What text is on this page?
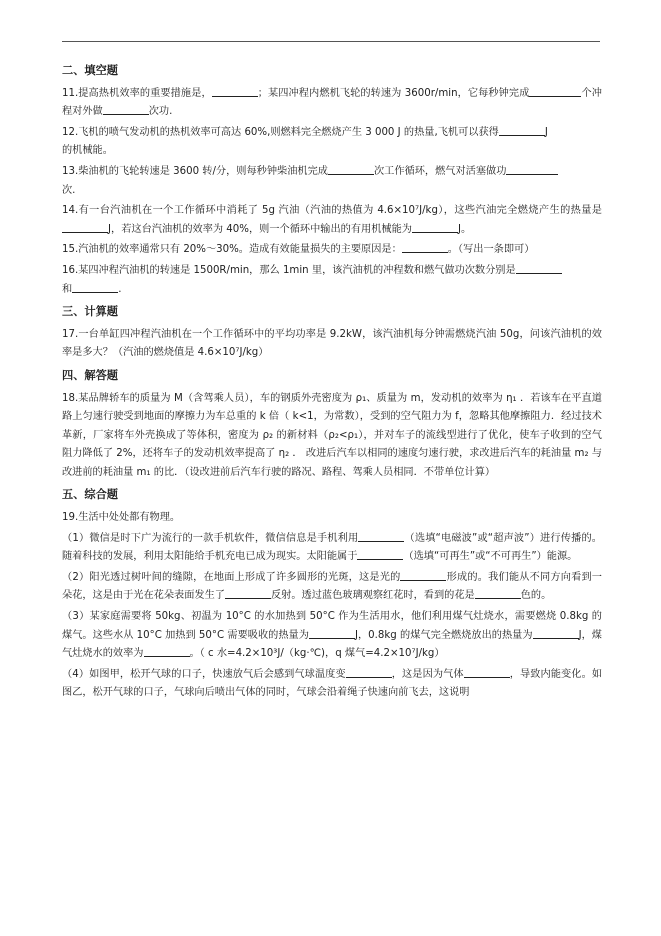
二、填空题

11.提高热机效率的重要措施是，	；某四冲程内燃机飞轮的转速为 3600r/min，它每秒钟完成	个冲程对外做	次功.

12.飞机的喷气发动机的热机效率可高达 60%,则燃料完全燃烧产生 3 000 J 的热量,飞机可以获得	J
的机械能。

13.柴油机的飞轮转速是 3600 转/分，则每秒钟柴油机完成	次工作循环，燃气对活塞做功
次.

14.有一台汽油机在一个工作循环中消耗了 5g 汽油（汽油的热值为 4.6×10⁷J/kg），这些汽油完全燃烧产生的热量是J，若这台汽油机的效率为 40%，则一个循环中输出的有用机械能为	J。

15.汽油机的效率通常只有 20%～30%。造成有效能量损失的主要原因是：	。（写出一条即可）

16.某四冲程汽油机的转速是 1500R/min，那么 1min 里，该汽油机的冲程数和燃气做功次数分别是
和	.

三、计算题

17.一台单缸四冲程汽油机在一个工作循环中的平均功率是 9.2kW，该汽油机每分钟需燃烧汽油 50g，问该汽油机的效率是多大？（汽油的燃烧值是 4.6×10⁷J/kg）

四、解答题

18.某品牌轿车的质量为 M（含驾乘人员），车的钢质外壳密度为 ρ₁、质量为 m，发动机的效率为 η₁ ．若该车在平直道路上匀速行驶受到地面的摩擦力为车总重的 k 倍（ k<1，为常数），受到的空气阻力为 f，忽略其他摩擦阻力．经过技术革新，厂家将车外壳换成了等体积，密度为 ρ₂ 的新材料（ρ₂<ρ₁），并对车子的流线型进行了优化，使车子收到的空气阻力降低了 2%，还将车子的发动机效率提高了 η₂ ． 改进后汽车以相同的速度匀速行驶，求改进后汽车的耗油量 m₂ 与改进前的耗油量 m₁ 的比．（设改进前后汽车行驶的路况、路程、驾乘人员相同．不带单位计算）

五、综合题

19.生活中处处都有物理。

（1）微信是时下广为流行的一款手机软件，微信信息是手机利用	（选填“电磁波”或“超声波”）进行传播的。随着科技的发展，利用太阳能给手机充电已成为现实。太阳能属于	（选填“可再生”或“不可再生”）能源。

（2）阳光透过树叶间的缝隙，在地面上形成了许多圆形的光斑，这是光的	形成的。我们能从不同方向看到一朵花，这是由于光在花朵表面发生了	反射。透过蓝色玻璃观察红花时，看到的花是	色的。

（3）某家庭需要将 50kg、初温为 10°C 的水加热到 50°C 作为生活用水，他们利用煤气灶烧水，需要燃烧 0.8kg 的煤气。这些水从 10°C 加热到 50°C 需要吸收的热量为	J，0.8kg 的煤气完全燃烧放出的热量为	J，煤气灶烧水的效率为	。（ c 水=4.2×10³J/（kg·℃)，q 煤气=4.2×10⁷J/kg）

（4）如图甲，松开气球的口子，快速放气后会感到气球温度变	，这是因为气体	，导致内能变化。如图乙，松开气球的口子，气球向后喷出气体的同时，气球会沿着绳子快速向前飞去，这说明
